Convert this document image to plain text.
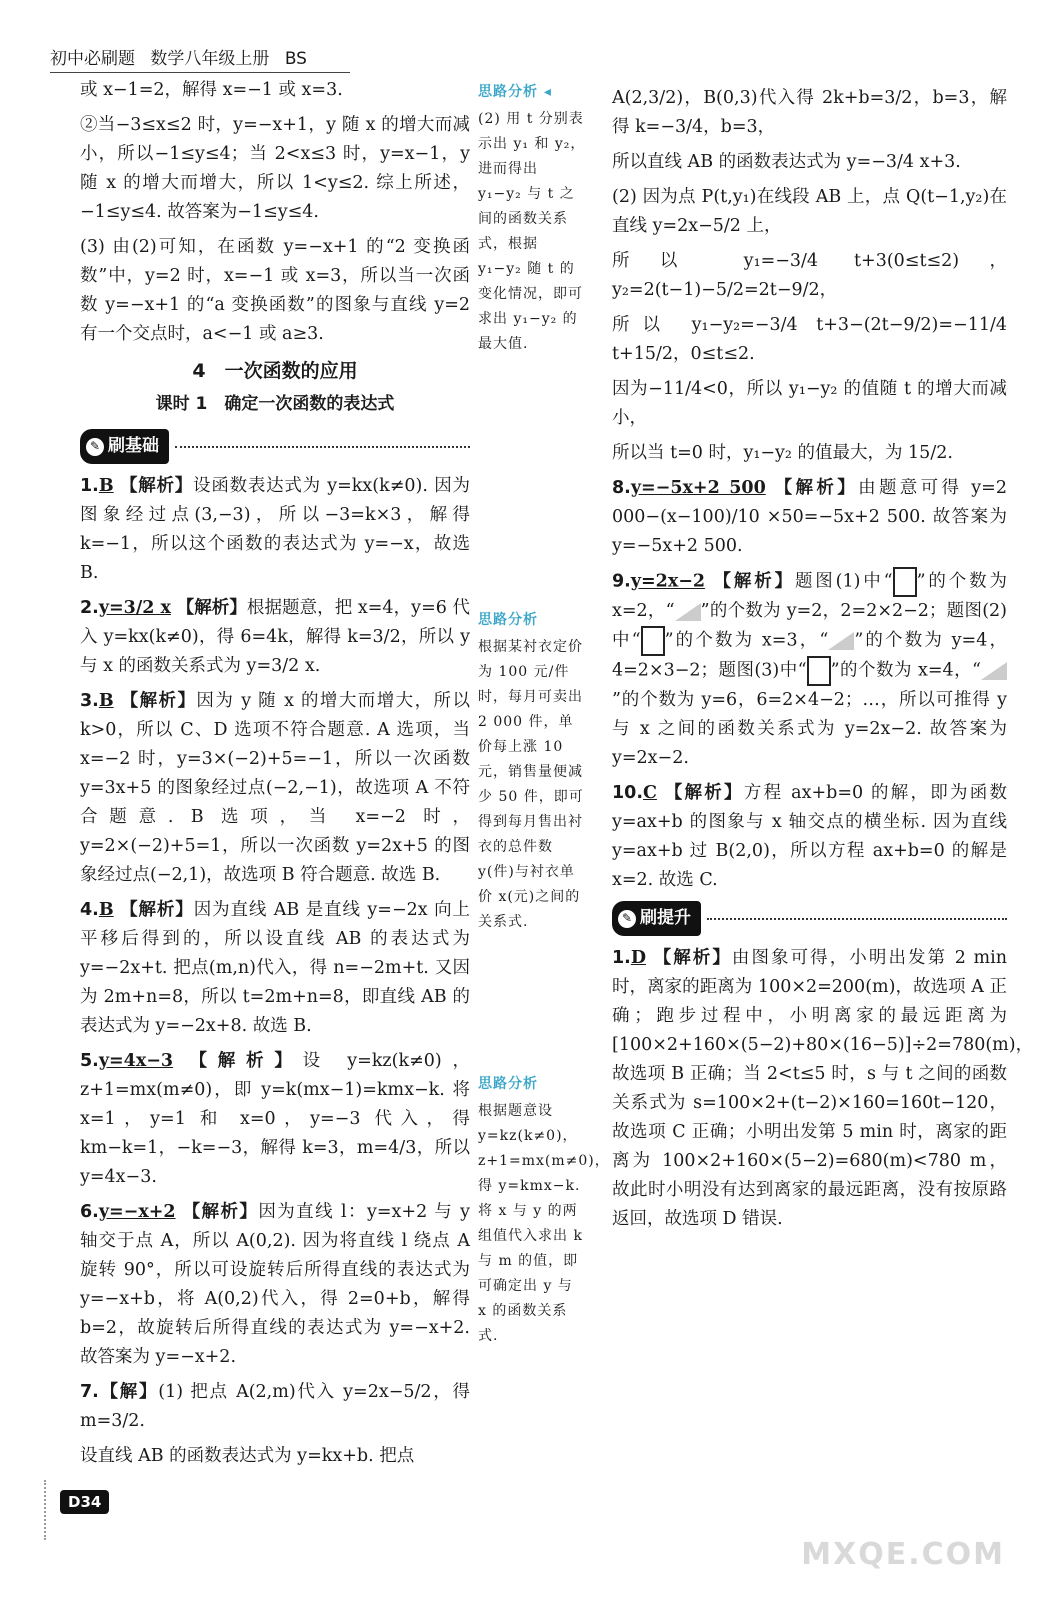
初中必刷题 数学八年级上册 BS

或 x−1=2，解得 x=−1 或 x=3.

②当−3≤x≤2 时，y=−x+1，y 随 x 的增大而减小，所以−1≤y≤4；当 2<x≤3 时，y=x−1，y 随 x 的增大而增大，所以 1<y≤2. 综上所述，−1≤y≤4. 故答案为−1≤y≤4.

(3) 由(2)可知，在函数 y=−x+1 的“2 变换函数”中，y=2 时，x=−1 或 x=3，所以当一次函数 y=−x+1 的“a 变换函数”的图象与直线 y=2 有一个交点时，a<−1 或 a≥3.

4　一次函数的应用
课时 1　确定一次函数的表达式
✎ 刷基础

1.B 【解析】设函数表达式为 y=kx(k≠0). 因为图象经过点(3,−3)，所以−3=k×3，解得 k=−1，所以这个函数的表达式为 y=−x，故选 B.

2.y=3/2 x 【解析】根据题意，把 x=4，y=6 代入 y=kx(k≠0)，得 6=4k，解得 k=3/2，所以 y 与 x 的函数关系式为 y=3/2 x.

3.B 【解析】因为 y 随 x 的增大而增大，所以 k>0，所以 C、D 选项不符合题意. A 选项，当 x=−2 时，y=3×(−2)+5=−1，所以一次函数 y=3x+5 的图象经过点(−2,−1)，故选项 A 不符合题意. B 选项，当 x=−2 时，y=2×(−2)+5=1，所以一次函数 y=2x+5 的图象经过点(−2,1)，故选项 B 符合题意. 故选 B.

4.B 【解析】因为直线 AB 是直线 y=−2x 向上平移后得到的，所以设直线 AB 的表达式为 y=−2x+t. 把点(m,n)代入，得 n=−2m+t. 又因为 2m+n=8，所以 t=2m+n=8，即直线 AB 的表达式为 y=−2x+8. 故选 B.

5.y=4x−3 【解析】设 y=kz(k≠0)，z+1=mx(m≠0)，即 y=k(mx−1)=kmx−k. 将 x=1，y=1 和 x=0，y=−3 代入，得 km−k=1，−k=−3，解得 k=3，m=4/3，所以 y=4x−3.

6.y=−x+2 【解析】因为直线 l：y=x+2 与 y 轴交于点 A，所以 A(0,2). 因为将直线 l 绕点 A 旋转 90°，所以可设旋转后所得直线的表达式为 y=−x+b，将 A(0,2)代入，得 2=0+b，解得 b=2，故旋转后所得直线的表达式为 y=−x+2. 故答案为 y=−x+2.

7.【解】(1) 把点 A(2,m)代入 y=2x−5/2，得 m=3/2.

设直线 AB 的函数表达式为 y=kx+b. 把点

思路分析 ◂
(2) 用 t 分别表示出 y₁ 和 y₂，进而得出 y₁−y₂ 与 t 之间的函数关系式，根据 y₁−y₂ 随 t 的变化情况，即可求出 y₁−y₂ 的最大值.
思路分析
根据某衬衣定价为 100 元/件时，每月可卖出 2 000 件，单价每上涨 10 元，销售量便减少 50 件，即可得到每月售出衬衣的总件数 y(件)与衬衣单价 x(元)之间的关系式.
思路分析
根据题意设 y=kz(k≠0)，z+1=mx(m≠0)，得 y=kmx−k. 将 x 与 y 的两组值代入求出 k 与 m 的值，即可确定出 y 与 x 的函数关系式.

A(2,3/2)，B(0,3)代入得 2k+b=3/2，b=3，解得 k=−3/4，b=3，

所以直线 AB 的函数表达式为 y=−3/4 x+3.

(2) 因为点 P(t,y₁)在线段 AB 上，点 Q(t−1,y₂)在直线 y=2x−5/2 上，

所以 y₁=−3/4 t+3(0≤t≤2)，y₂=2(t−1)−5/2=2t−9/2，

所以 y₁−y₂=−3/4 t+3−(2t−9/2)=−11/4 t+15/2，0≤t≤2.

因为−11/4<0，所以 y₁−y₂ 的值随 t 的增大而减小，

所以当 t=0 时，y₁−y₂ 的值最大，为 15/2.

8.y=−5x+2 500 【解析】由题意可得 y=2 000−(x−100)/10 ×50=−5x+2 500. 故答案为 y=−5x+2 500.

9.y=2x−2 【解析】题图(1)中“ ”的个数为 x=2，“ ”的个数为 y=2，2=2×2−2；题图(2)中“ ”的个数为 x=3，“ ”的个数为 y=4，4=2×3−2；题图(3)中“ ”的个数为 x=4，“”的个数为 y=6，6=2×4−2；…，所以可推得 y 与 x 之间的函数关系式为 y=2x−2. 故答案为 y=2x−2.

10.C 【解析】方程 ax+b=0 的解，即为函数 y=ax+b 的图象与 x 轴交点的横坐标. 因为直线 y=ax+b 过 B(2,0)，所以方程 ax+b=0 的解是 x=2. 故选 C.

✎ 刷提升

1.D 【解析】由图象可得，小明出发第 2 min 时，离家的距离为 100×2=200(m)，故选项 A 正确；跑步过程中，小明离家的最远距离为[100×2+160×(5−2)+80×(16−5)]÷2=780(m)，故选项 B 正确；当 2<t≤5 时，s 与 t 之间的函数关系式为 s=100×2+(t−2)×160=160t−120，故选项 C 正确；小明出发第 5 min 时，离家的距离为 100×2+160×(5−2)=680(m)<780 m，故此时小明没有达到离家的最远距离，没有按原路返回，故选项 D 错误.

D34
MXQE.COM
